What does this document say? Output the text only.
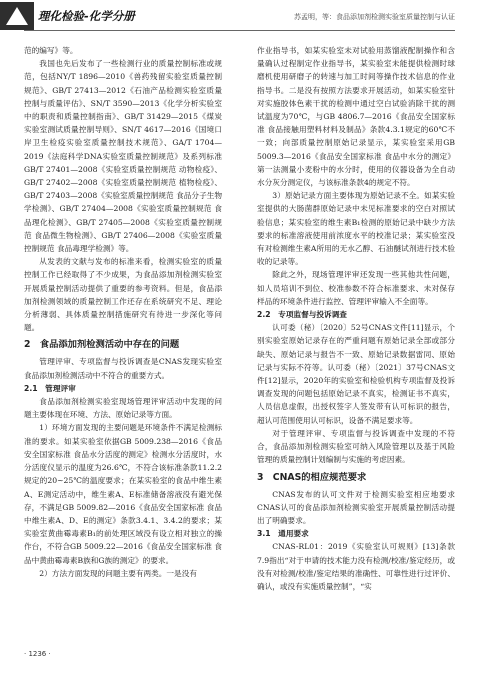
理化检验-化学分册	苏孟明，等：食品添加剂检测实验室质量控制与认证

范的编写》等。

我国也先后发布了一些检测行业的质量控制标准或规范，包括NY/T 1896—2010《兽药残留实验室质量控制规范》、GB/T 27413—2012《石油产品检测实验室质量控制与质量评估》、SN/T 3590—2013《化学分析实验室中的职责和质量控制指南》、GB/T 31429—2015《煤炭实验室测试质量控制导则》、SN/T 4617—2016《国境口岸卫生检疫实验室质量控制技术规范》、GA/T 1704—2019《法庭科学DNA实验室质量控制规范》及系列标准GB/T 27401—2008《实验室质量控制规范 动物检疫》、GB/T 27402—2008《实验室质量控制规范 植物检疫》、GB/T 27403—2008《实验室质量控制规范 食品分子生物学检测》、GB/T 27404—2008《实验室质量控制规范 食品理化检测》、GB/T 27405—2008《实验室质量控制规范 食品微生物检测》、GB/T 27406—2008《实验室质量控制规范 食品毒理学检测》等。

从发表的文献与发布的标准来看，检测实验室的质量控制工作已经取得了不少成果，为食品添加剂检测实验室开展质量控制活动提供了重要的参考资料。但是，食品添加剂检测领域的质量控制工作还存在系统研究不足、理论分析薄弱、具体质量控制措施研究有待进一步深化等问题。

2　食品添加剂检测活动中存在的问题

管理评审、专项监督与投诉调查是CNAS发现实验室食品添加剂检测活动中不符合的重要方式。

2.1　管理评审

食品添加剂检测实验室现场管理评审活动中发现的问题主要体现在环境、方法、原始记录等方面。

1）环境方面发现的主要问题是环境条件不满足检测标准的要求。如某实验室依据GB 5009.238—2016《食品安全国家标准 食品水分活度的测定》检测水分活度时，水分活度仪显示的温度为26.6℃，不符合该标准条款11.2.2规定的20~25℃的温度要求；在某实验室的食品中维生素A、E测定活动中，维生素A、E标准储备溶液没有避光保存，不满足GB 5009.82—2016《食品安全国家标准 食品中维生素A、D、E的测定》条款3.4.1、3.4.2的要求；某实验室黄曲霉毒素B₁的前处理区域没有设立相对独立的操作台，不符合GB 5009.22—2016《食品安全国家标准 食品中黄曲霉毒素B族和G族的测定》的要求。

2）方法方面发现的问题主要有两类。一是没有

作业指导书，如某实验室未对试验用蒸馏液配制操作和含量确认过程制定作业指导书，某实验室未能提供检测时球磨机使用研磨子的转速与加工时间等操作技术信息的作业指导书。二是没有按照方法要求开展活动，如某实验室针对实施胶体色素干扰的检测中通过空白试验消除干扰的测试温度为70℃，与GB 4806.7—2016《食品安全国家标准 食品接触用塑料材料及制品》条款4.3.1规定的60℃不一致；向部质量控制原始记录显示，某实验室采用GB 5009.3—2016《食品安全国家标准 食品中水分的测定》第一法测量小麦粉中的水分时，使用的仪器设备为全自动水分灰分测定仪，与该标准条款4的规定不符。

3）原始记录方面主要体现为原始记录不全。如某实验室提供的大肠菌群原始记录中未见标准要求的空白对照试验信息；某实验室的维生素B₁检测的原始记录中缺少方法要求的标准溶液使用前浓度水平的校准记录；某实验室没有对检测维生素A所用的无水乙醇、石油醚试剂进行技术验收的记录等。

除此之外，现场管理评审还发现一些其他共性问题，如人员培训不到位、校准参数不符合标准要求、未对保存样品的环境条件进行监控、管理评审输入不全面等。

2.2　专项监督与投诉调查

认可委（秘）〔2020〕52号CNAS文件[11]显示，个别实验室原始记录存在的严重问题有原始记录全部或部分缺失、原始记录与报告不一致、原始记录数据雷同、原始记录与实际不符等。认可委（秘）〔2021〕37号CNAS文件[12]显示，2020年的实验室和检验机构专项监督及投诉调查发现的问题包括原始记录不真实，检测证书不真实，人员信息虚假，出授权签字人签发带有认可标识的报告，超认可范围使用认可标识，设备不满足要求等。

对于管理评审、专项监督与投诉调查中发现的不符合，食品添加剂检测实验室可纳入风险管理以及基于风险管理的质量控制计划编制与实施的考虑因素。

3　CNAS的相应规范要求

CNAS发布的认可文件对于检测实验室相应地要求CNAS认可的食品添加剂检测实验室开展质量控制活动提出了明确要求。

3.1　通用要求

CNAS-RL01：2019《实验室认可规则》[13]条款7.9指出“对于申请的技术能力没有检测/校准/鉴定经历，或没有对检测/校准/鉴定结果的准确性、可靠性进行过评价、确认，或没有实施质量控制”，“实

· 1236 ·
